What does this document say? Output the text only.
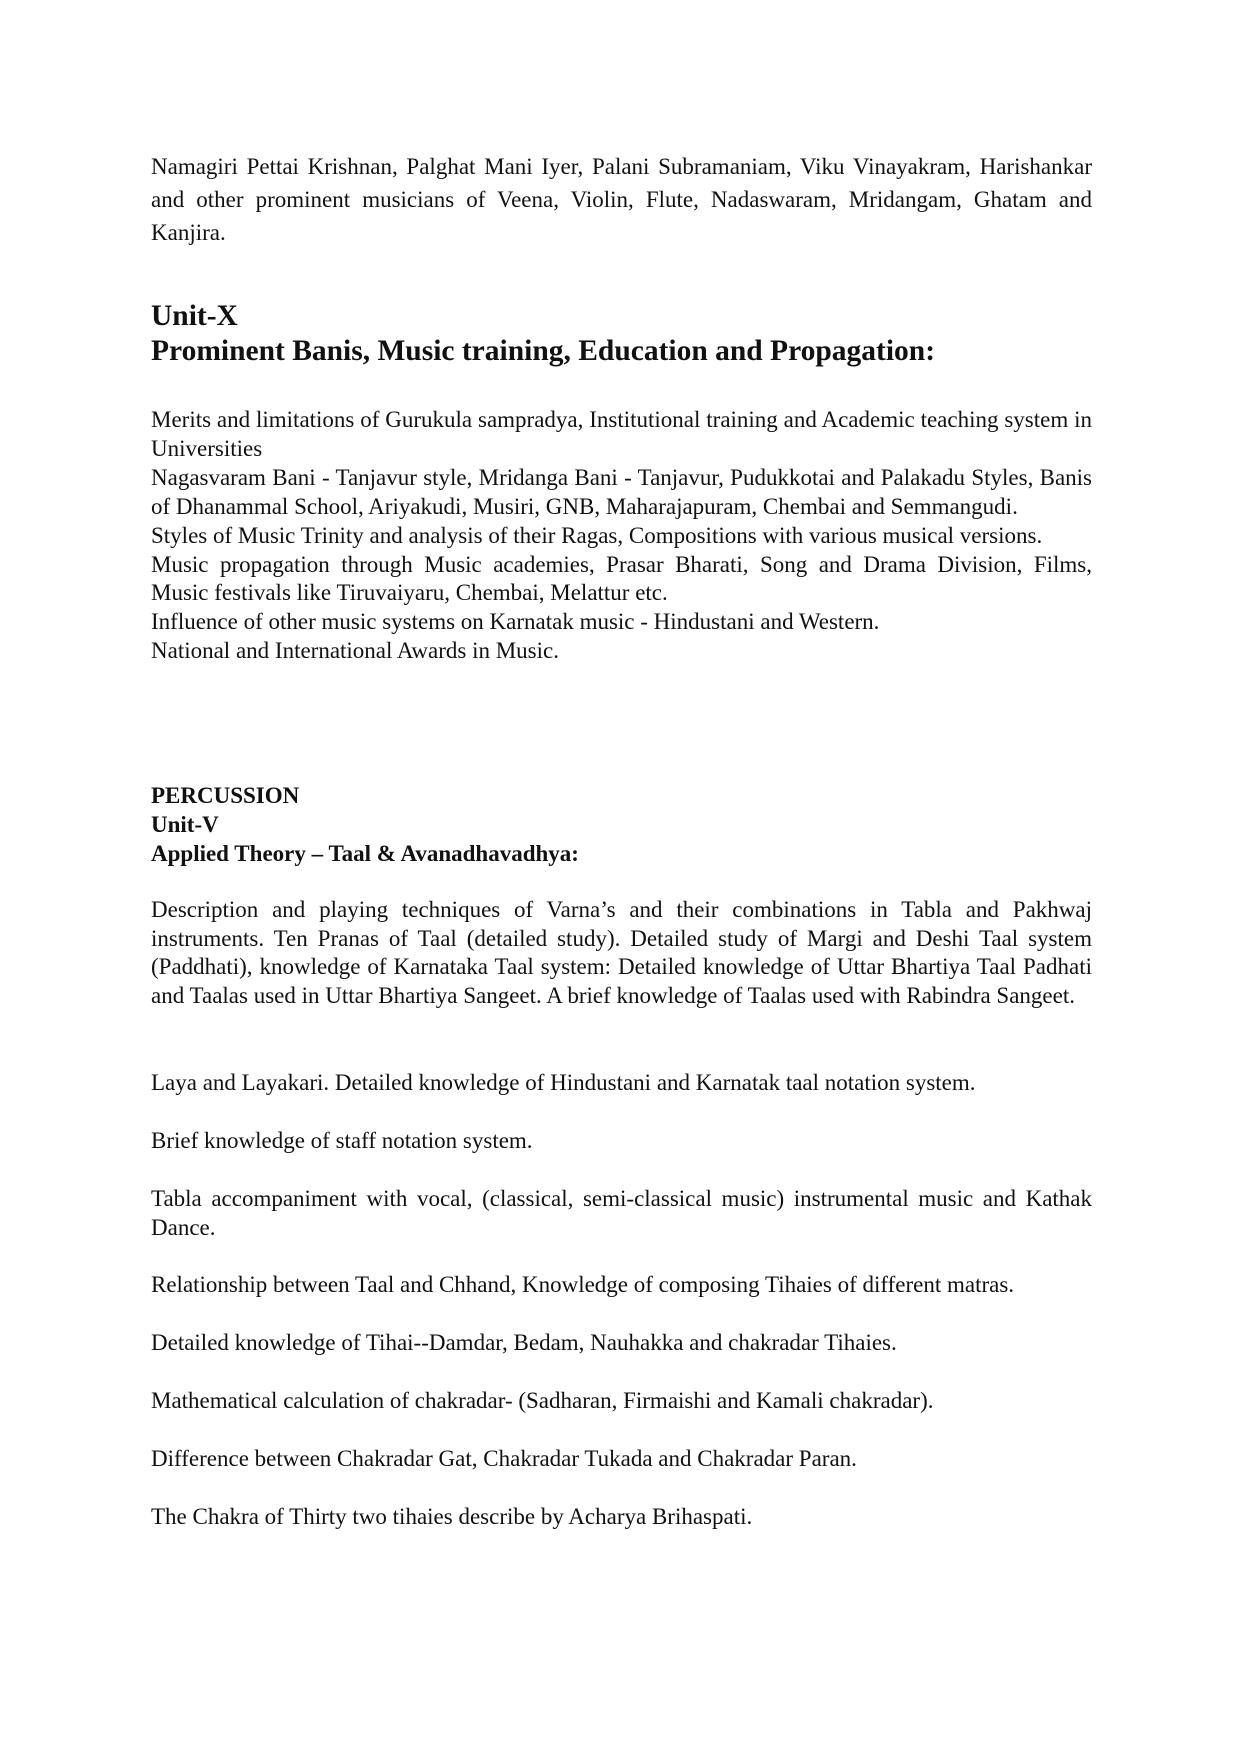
Namagiri Pettai Krishnan, Palghat Mani Iyer, Palani Subramaniam, Viku Vinayakram, Harishankar and other prominent musicians of Veena, Violin, Flute, Nadaswaram, Mridangam, Ghatam and Kanjira.

Unit-X
Prominent Banis, Music training, Education and Propagation:

Merits and limitations of Gurukula sampradya, Institutional training and Academic teaching system in Universities

Nagasvaram Bani - Tanjavur style, Mridanga Bani - Tanjavur, Pudukkotai and Palakadu Styles, Banis of Dhanammal School, Ariyakudi, Musiri, GNB, Maharajapuram, Chembai and Semmangudi.

Styles of Music Trinity and analysis of their Ragas, Compositions with various musical versions.

Music propagation through Music academies, Prasar Bharati, Song and Drama Division, Films, Music festivals like Tiruvaiyaru, Chembai, Melattur etc.

Influence of other music systems on Karnatak music - Hindustani and Western.

National and International Awards in Music.

PERCUSSION
Unit-V
Applied Theory – Taal & Avanadhavadhya:

Description and playing techniques of Varna’s and their combinations in Tabla and Pakhwaj instruments. Ten Pranas of Taal (detailed study). Detailed study of Margi and Deshi Taal system (Paddhati), knowledge of Karnataka Taal system: Detailed knowledge of Uttar Bhartiya Taal Padhati and Taalas used in Uttar Bhartiya Sangeet. A brief knowledge of Taalas used with Rabindra Sangeet.

Laya and Layakari. Detailed knowledge of Hindustani and Karnatak taal notation system.

Brief knowledge of staff notation system.

Tabla accompaniment with vocal, (classical, semi-classical music) instrumental music and Kathak Dance.

Relationship between Taal and Chhand, Knowledge of composing Tihaies of different matras.

Detailed knowledge of Tihai--Damdar, Bedam, Nauhakka and chakradar Tihaies.

Mathematical calculation of chakradar- (Sadharan, Firmaishi and Kamali chakradar).

Difference between Chakradar Gat, Chakradar Tukada and Chakradar Paran.

The Chakra of Thirty two tihaies describe by Acharya Brihaspati.
